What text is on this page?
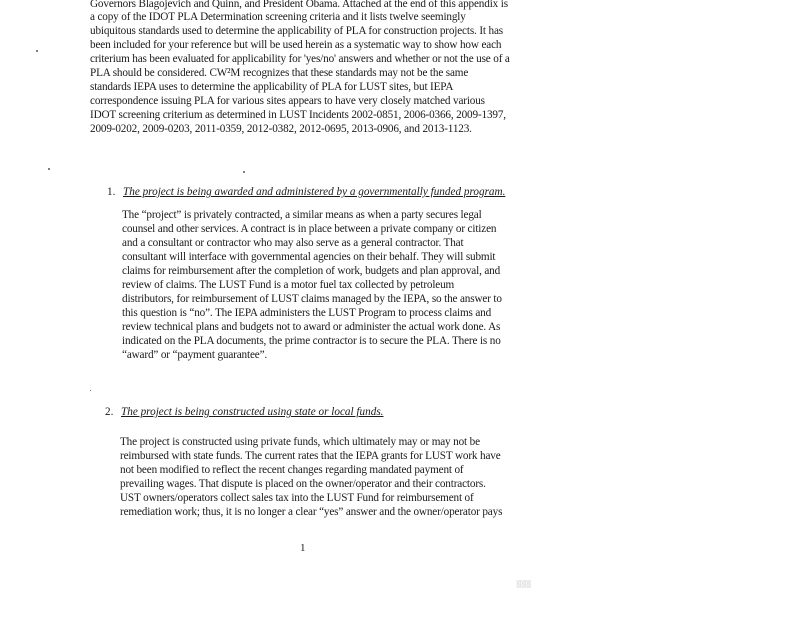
Governors Blagojevich and Quinn, and President Obama. Attached at the end of this appendix is
a copy of the IDOT PLA Determination screening criteria and it lists twelve seemingly
ubiquitous standards used to determine the applicability of PLA for construction projects. It has
been included for your reference but will be used herein as a systematic way to show how each
criterium has been evaluated for applicability for 'yes/no' answers and whether or not the use of a
PLA should be considered. CW²M recognizes that these standards may not be the same
standards IEPA uses to determine the applicability of PLA for LUST sites, but IEPA
correspondence issuing PLA for various sites appears to have very closely matched various
IDOT screening criterium as determined in LUST Incidents 2002-0851, 2006-0366, 2009-1397,
2009-0202, 2009-0203, 2011-0359, 2012-0382, 2012-0695, 2013-0906, and 2013-1123.
1. The project is being awarded and administered by a governmentally funded program.
The “project” is privately contracted, a similar means as when a party secures legal
counsel and other services. A contract is in place between a private company or citizen
and a consultant or contractor who may also serve as a general contractor. That
consultant will interface with governmental agencies on their behalf. They will submit
claims for reimbursement after the completion of work, budgets and plan approval, and
review of claims. The LUST Fund is a motor fuel tax collected by petroleum
distributors, for reimbursement of LUST claims managed by the IEPA, so the answer to
this question is “no”. The IEPA administers the LUST Program to process claims and
review technical plans and budgets not to award or administer the actual work done. As
indicated on the PLA documents, the prime contractor is to secure the PLA. There is no
“award” or “payment guarantee”.
2. The project is being constructed using state or local funds.
The project is constructed using private funds, which ultimately may or may not be
reimbursed with state funds. The current rates that the IEPA grants for LUST work have
not been modified to reflect the recent changes regarding mandated payment of
prevailing wages. That dispute is placed on the owner/operator and their contractors.
UST owners/operators collect sales tax into the LUST Fund for reimbursement of
remediation work; thus, it is no longer a clear “yes” answer and the owner/operator pays
1
░░░
